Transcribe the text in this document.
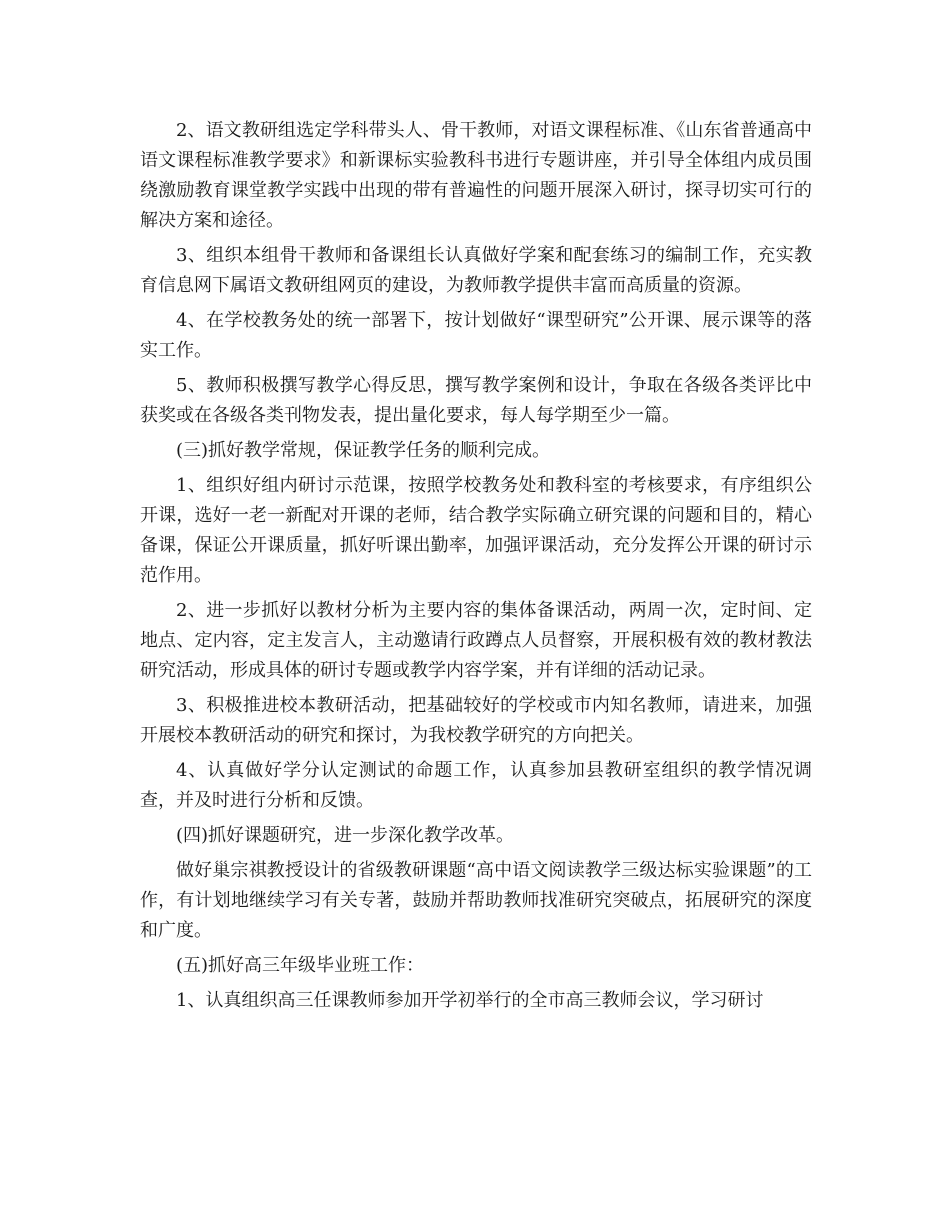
2、语文教研组选定学科带头人、骨干教师，对语文课程标准、《山东省普通高中语文课程标准教学要求》和新课标实验教科书进行专题讲座，并引导全体组内成员围绕激励教育课堂教学实践中出现的带有普遍性的问题开展深入研讨，探寻切实可行的解决方案和途径。

3、组织本组骨干教师和备课组长认真做好学案和配套练习的编制工作，充实教育信息网下属语文教研组网页的建设，为教师教学提供丰富而高质量的资源。

4、在学校教务处的统一部署下，按计划做好“课型研究”公开课、展示课等的落实工作。

5、教师积极撰写教学心得反思，撰写教学案例和设计，争取在各级各类评比中获奖或在各级各类刊物发表，提出量化要求，每人每学期至少一篇。

(三)抓好教学常规，保证教学任务的顺利完成。

1、组织好组内研讨示范课，按照学校教务处和教科室的考核要求，有序组织公开课，选好一老一新配对开课的老师，结合教学实际确立研究课的问题和目的，精心备课，保证公开课质量，抓好听课出勤率，加强评课活动，充分发挥公开课的研讨示范作用。

2、进一步抓好以教材分析为主要内容的集体备课活动，两周一次，定时间、定地点、定内容，定主发言人，主动邀请行政蹲点人员督察，开展积极有效的教材教法研究活动，形成具体的研讨专题或教学内容学案，并有详细的活动记录。

3、积极推进校本教研活动，把基础较好的学校或市内知名教师，请进来，加强开展校本教研活动的研究和探讨，为我校教学研究的方向把关。

4、认真做好学分认定测试的命题工作，认真参加县教研室组织的教学情况调查，并及时进行分析和反馈。

(四)抓好课题研究，进一步深化教学改革。

做好巢宗祺教授设计的省级教研课题“高中语文阅读教学三级达标实验课题”的工作，有计划地继续学习有关专著，鼓励并帮助教师找准研究突破点，拓展研究的深度和广度。

(五)抓好高三年级毕业班工作：

1、认真组织高三任课教师参加开学初举行的全市高三教师会议，学习研讨
